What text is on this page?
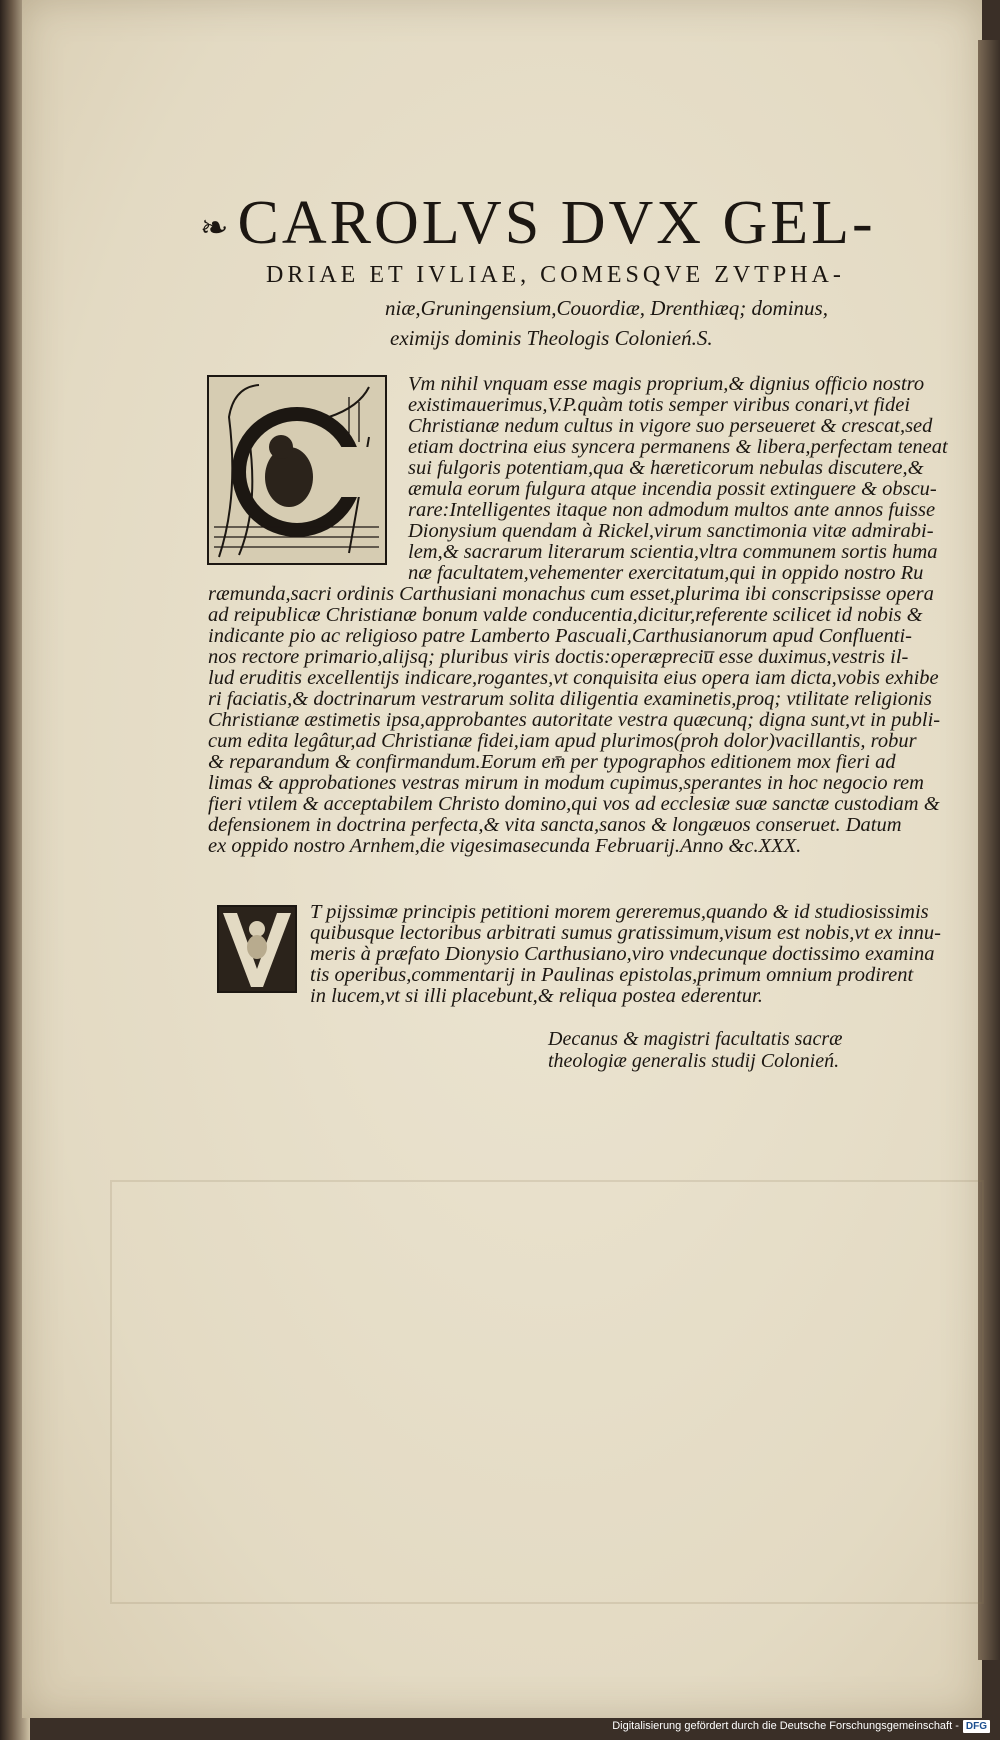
❧CAROLVS DVX GEL-
DRIAE ET IVLIAE, COMESQVE ZVTPHA-
niæ,Gruningensium,Couordiæ, Drenthiæq; dominus,
eximijs dominis Theologis Colonień.S.
Vm nihil vnquam esse magis proprium,& dignius officio nostro
existimauerimus,V.P.quàm totis semper viribus conari,vt fidei
Christianæ nedum cultus in vigore suo perseueret & crescat,sed
etiam doctrina eius syncera permanens & libera,perfectam teneat
sui fulgoris potentiam,qua & hæreticorum nebulas discutere,&
æmula eorum fulgura atque incendia possit extinguere & obscu-
rare:Intelligentes itaque non admodum multos ante annos fuisse
Dionysium quendam à Rickel,virum sanctimonia vitæ admirabi-
lem,& sacrarum literarum scientia,vltra communem sortis huma
næ facultatem,vehementer exercitatum,qui in oppido nostro Ru
ræmunda,sacri ordinis Carthusiani monachus cum esset,plurima ibi conscripsisse opera
ad reipublicæ Christianæ bonum valde conducentia,dicitur,referente scilicet id nobis &
indicante pio ac religioso patre Lamberto Pascuali,Carthusianorum apud Confluenti-
nos rectore primario,alijsq; pluribus viris doctis:operæpreciu̅ esse duximus,vestris il-
lud eruditis excellentijs indicare,rogantes,vt conquisita eius opera iam dicta,vobis exhibe
ri faciatis,& doctrinarum vestrarum solita diligentia examinetis,proq; vtilitate religionis
Christianæ æstimetis ipsa,approbantes autoritate vestra quæcunq; digna sunt,vt in publi-
cum edita legâtur,ad Christianæ fidei,iam apud plurimos(proh dolor)vacillantis, robur
& reparandum & confirmandum.Eorum em̄ per typographos editionem mox fieri ad
limas & approbationes vestras mirum in modum cupimus,sperantes in hoc negocio rem
fieri vtilem & acceptabilem Christo domino,qui vos ad ecclesiæ suæ sanctæ custodiam &
defensionem in doctrina perfecta,& vita sancta,sanos & longæuos conseruet. Datum
ex oppido nostro Arnhem,die vigesimasecunda Februarij.Anno &c.XXX.
T pijssimæ principis petitioni morem gereremus,quando & id studiosissimis
quibusque lectoribus arbitrati sumus gratissimum,visum est nobis,vt ex innu-
meris à præfato Dionysio Carthusiano,viro vndecunque doctissimo examina
tis operibus,commentarij in Paulinas epistolas,primum omnium prodirent
in lucem,vt si illi placebunt,& reliqua postea ederentur.
Decanus & magistri facultatis sacræ
theologiæ generalis studij Colonień.
Digitalisierung gefördert durch die Deutsche Forschungsgemeinschaft - DFG
